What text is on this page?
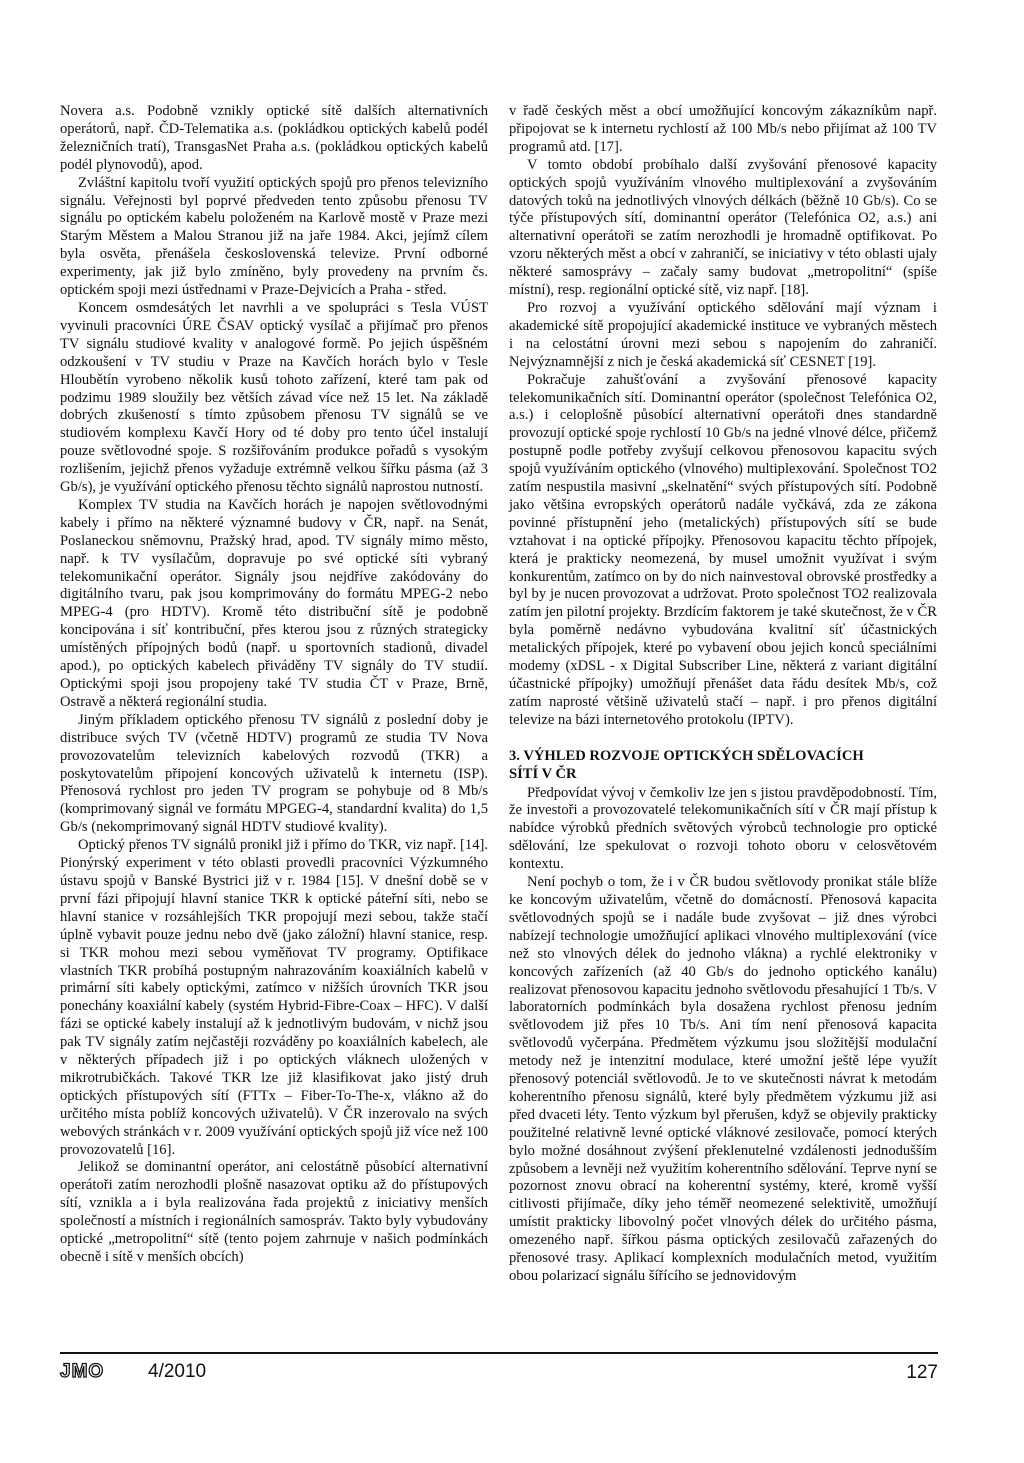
Novera a.s. Podobně vznikly optické sítě dalších alternativních operátorů, např. ČD-Telematika a.s. (pokládkou optických kabelů podél železničních tratí), TransgasNet Praha a.s. (pokládkou optických kabelů podél plynovodů), apod.

Zvláštní kapitolu tvoří využití optických spojů pro přenos televizního signálu. Veřejnosti byl poprvé předveden tento způsobu přenosu TV signálu po optickém kabelu položeném na Karlově mostě v Praze mezi Starým Městem a Malou Stranou již na jaře 1984. Akci, jejímž cílem byla osvěta, přenášela československá televize. První odborné experimenty, jak již bylo zmíněno, byly provedeny na prvním čs. optickém spoji mezi ústřednami v Praze-Dejvicích a Praha - střed.

Koncem osmdesátých let navrhli a ve spolupráci s Tesla VÚST vyvinuli pracovníci ÚRE ČSAV optický vysílač a přijímač pro přenos TV signálu studiové kvality v analogové formě. Po jejich úspěšném odzkoušení v TV studiu v Praze na Kavčích horách bylo v Tesle Hloubětín vyrobeno několik kusů tohoto zařízení, které tam pak od podzimu 1989 sloužily bez větších závad více než 15 let. Na základě dobrých zkušeností s tímto způsobem přenosu TV signálů se ve studiovém komplexu Kavčí Hory od té doby pro tento účel instalují pouze světlovodné spoje. S rozšiřováním produkce pořadů s vysokým rozlišením, jejichž přenos vyžaduje extrémně velkou šířku pásma (až 3 Gb/s), je využívání optického přenosu těchto signálů naprostou nutností.

Komplex TV studia na Kavčích horách je napojen světlovodnými kabely i přímo na některé významné budovy v ČR, např. na Senát, Poslaneckou sněmovnu, Pražský hrad, apod. TV signály mimo město, např. k TV vysílačům, dopravuje po své optické síti vybraný telekomunikační operátor. Signály jsou nejdříve zakódovány do digitálního tvaru, pak jsou komprimovány do formátu MPEG-2 nebo MPEG-4 (pro HDTV). Kromě této distribuční sítě je podobně koncipována i síť kontribuční, přes kterou jsou z různých strategicky umístěných přípojných bodů (např. u sportovních stadionů, divadel apod.), po optických kabelech přiváděny TV signály do TV studií. Optickými spoji jsou propojeny také TV studia ČT v Praze, Brně, Ostravě a některá regionální studia.

Jiným příkladem optického přenosu TV signálů z poslední doby je distribuce svých TV (včetně HDTV) programů ze studia TV Nova provozovatelům televizních kabelových rozvodů (TKR) a poskytovatelům připojení koncových uživatelů k internetu (ISP). Přenosová rychlost pro jeden TV program se pohybuje od 8 Mb/s (komprimovaný signál ve formátu MPGEG-4, standardní kvalita) do 1,5 Gb/s (nekomprimovaný signál HDTV studiové kvality).

Optický přenos TV signálů pronikl již i přímo do TKR, viz např. [14]. Pionýrský experiment v této oblasti provedli pracovníci Výzkumného ústavu spojů v Banské Bystrici již v r. 1984 [15]. V dnešní době se v první fázi připojují hlavní stanice TKR k optické páteřní síti, nebo se hlavní stanice v rozsáhlejších TKR propojují mezi sebou, takže stačí úplně vybavit pouze jednu nebo dvě (jako záložní) hlavní stanice, resp. si TKR mohou mezi sebou vyměňovat TV programy. Optifikace vlastních TKR probíhá postupným nahrazováním koaxiálních kabelů v primární síti kabely optickými, zatímco v nižších úrovních TKR jsou ponechány koaxiální kabely (systém Hybrid-Fibre-Coax – HFC). V další fázi se optické kabely instalují až k jednotlivým budovám, v nichž jsou pak TV signály zatím nejčastěji rozváděny po koaxiálních kabelech, ale v některých případech již i po optických vláknech uložených v mikrotrubičkách. Takové TKR lze již klasifikovat jako jistý druh optických přístupových sítí (FTTx – Fiber-To-The-x, vlákno až do určitého místa poblíž koncových uživatelů). V ČR inzerovalo na svých webových stránkách v r. 2009 využívání optických spojů již více než 100 provozovatelů [16].

Jelikož se dominantní operátor, ani celostátně působící alternativní operátoři zatím nerozhodli plošně nasazovat optiku až do přístupových sítí, vznikla a i byla realizována řada projektů z iniciativy menších společností a místních i regionálních samospráv. Takto byly vybudovány optické „metropolitní“ sítě (tento pojem zahrnuje v našich podmínkách obecně i sítě v menších obcích)

v řadě českých měst a obcí umožňující koncovým zákazníkům např. připojovat se k internetu rychlostí až 100 Mb/s nebo přijímat až 100 TV programů atd. [17].

V tomto období probíhalo další zvyšování přenosové kapacity optických spojů využíváním vlnového multiplexování a zvyšováním datových toků na jednotlivých vlnových délkách (běžně 10 Gb/s). Co se týče přístupových sítí, dominantní operátor (Telefónica O2, a.s.) ani alternativní operátoři se zatím nerozhodli je hromadně optifikovat. Po vzoru některých měst a obcí v zahraničí, se iniciativy v této oblasti ujaly některé samosprávy – začaly samy budovat „metropolitní“ (spíše místní), resp. regionální optické sítě, viz např. [18].

Pro rozvoj a využívání optického sdělování mají význam i akademické sítě propojující akademické instituce ve vybraných městech i na celostátní úrovni mezi sebou s napojením do zahraničí. Nejvýznamnější z nich je česká akademická síť CESNET [19].

Pokračuje zahušťování a zvyšování přenosové kapacity telekomunikačních sítí. Dominantní operátor (společnost Telefónica O2, a.s.) i celoplošně působící alternativní operátoři dnes standardně provozují optické spoje rychlostí 10 Gb/s na jedné vlnové délce, přičemž postupně podle potřeby zvyšují celkovou přenosovou kapacitu svých spojů využíváním optického (vlnového) multiplexování. Společnost TO2 zatím nespustila masivní „skelnatění“ svých přístupových sítí. Podobně jako většina evropských operátorů nadále vyčkává, zda ze zákona povinné přístupnění jeho (metalických) přístupových sítí se bude vztahovat i na optické přípojky. Přenosovou kapacitu těchto přípojek, která je prakticky neomezená, by musel umožnit využívat i svým konkurentům, zatímco on by do nich nainvestoval obrovské prostředky a byl by je nucen provozovat a udržovat. Proto společnost TO2 realizovala zatím jen pilotní projekty. Brzdícím faktorem je také skutečnost, že v ČR byla poměrně nedávno vybudována kvalitní síť účastnických metalických přípojek, které po vybavení obou jejich konců speciálními modemy (xDSL - x Digital Subscriber Line, některá z variant digitální účastnické přípojky) umožňují přenášet data řádu desítek Mb/s, což zatím naprosté většině uživatelů stačí – např. i pro přenos digitální televize na bázi internetového protokolu (IPTV).

3. VÝHLED ROZVOJE OPTICKÝCH SDĚLOVACÍCH
SÍTÍ V ČR

Předpovídat vývoj v čemkoliv lze jen s jistou pravděpodobností. Tím, že investoři a provozovatelé telekomunikačních sítí v ČR mají přístup k nabídce výrobků předních světových výrobců technologie pro optické sdělování, lze spekulovat o rozvoji tohoto oboru v celosvětovém kontextu.

Není pochyb o tom, že i v ČR budou světlovody pronikat stále blíže ke koncovým uživatelům, včetně do domácností. Přenosová kapacita světlovodných spojů se i nadále bude zvyšovat – již dnes výrobci nabízejí technologie umožňující aplikaci vlnového multiplexování (více než sto vlnových délek do jednoho vlákna) a rychlé elektroniky v koncových zařízeních (až 40 Gb/s do jednoho optického kanálu) realizovat přenosovou kapacitu jednoho světlovodu přesahující 1 Tb/s. V laboratorních podmínkách byla dosažena rychlost přenosu jedním světlovodem již přes 10 Tb/s. Ani tím není přenosová kapacita světlovodů vyčerpána. Předmětem výzkumu jsou složitější modulační metody než je intenzitní modulace, které umožní ještě lépe využít přenosový potenciál světlovodů. Je to ve skutečnosti návrat k metodám koherentního přenosu signálů, které byly předmětem výzkumu již asi před dvaceti léty. Tento výzkum byl přerušen, když se objevily prakticky použitelné relativně levné optické vláknové zesilovače, pomocí kterých bylo možné dosáhnout zvýšení překlenutelné vzdálenosti jednodušším způsobem a levněji než využitím koherentního sdělování. Teprve nyní se pozornost znovu obrací na koherentní systémy, které, kromě vyšší citlivosti přijímače, díky jeho téměř neomezené selektivitě, umožňují umístit prakticky libovolný počet vlnových délek do určitého pásma, omezeného např. šířkou pásma optických zesilovačů zařazených do přenosové trasy. Aplikací komplexních modulačních metod, využitím obou polarizací signálu šířícího se jednovidovým

JMO 4/2010	127
